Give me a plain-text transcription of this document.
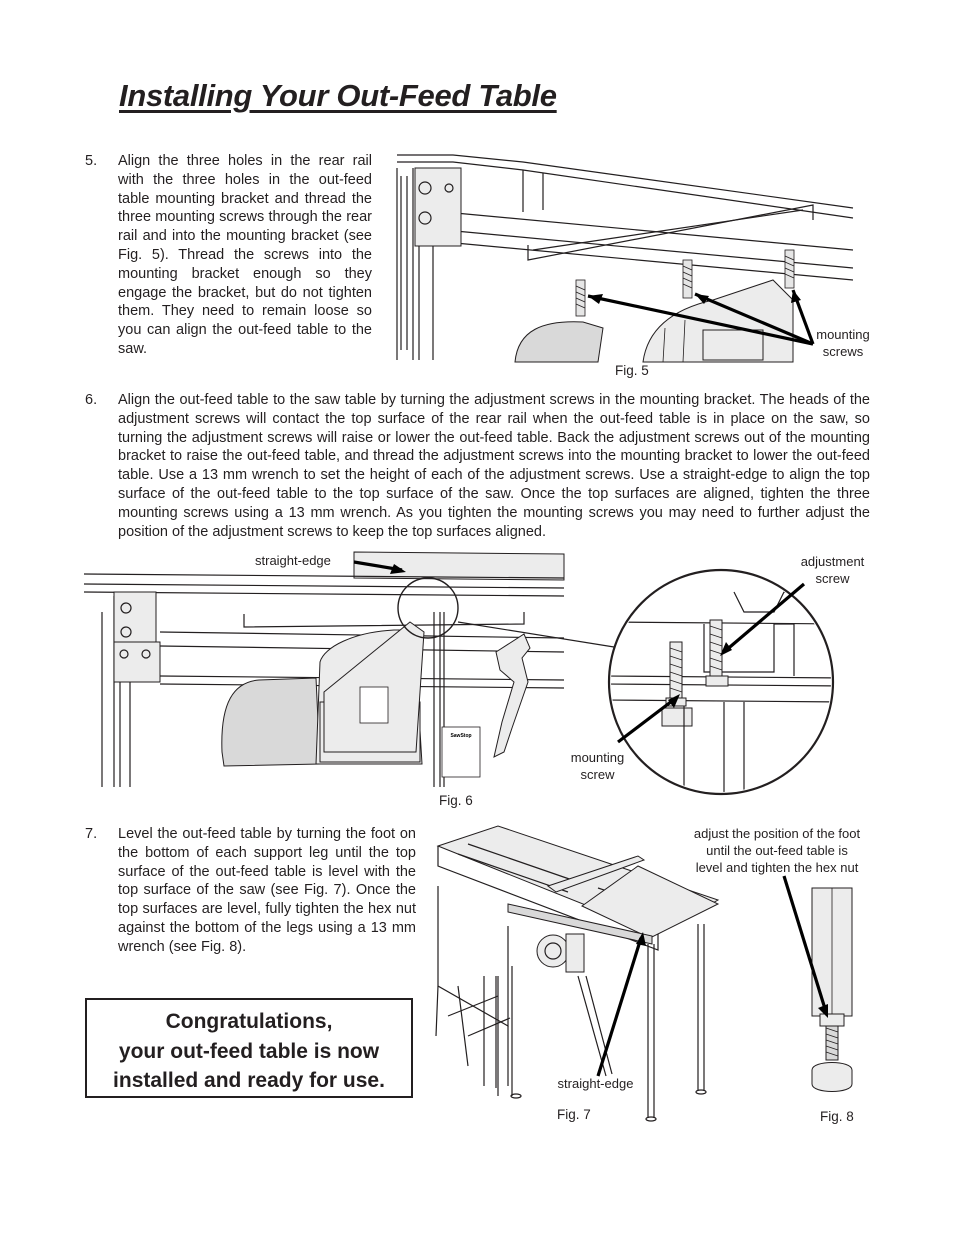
Installing Your Out-Feed Table
5. Align the three holes in the rear rail with the three holes in the out-feed table mounting bracket and thread the three mounting screws through the rear rail and into the mounting bracket (see Fig. 5). Thread the screws into the mounting bracket enough so they engage the bracket, but do not tighten them. They need to remain loose so you can align the out-feed table to the saw.
mounting
screws
Fig. 5
6. Align the out-feed table to the saw table by turning the adjustment screws in the mounting bracket. The heads of the adjustment screws will contact the top surface of the rear rail when the out-feed table is in place on the saw, so turning the adjustment screws will raise or lower the out-feed table. Back the adjustment screws out of the mounting bracket to raise the out-feed table, and thread the adjustment screws into the mounting bracket to lower the out-feed table. Use a 13 mm wrench to set the height of each of the adjustment screws. Use a straight-edge to align the top surface of the out-feed table to the top surface of the saw. Once the top surfaces are aligned, tighten the three mounting screws using a 13 mm wrench. As you tighten the mounting screws you may need to further adjust the position of the adjustment screws to keep the top surfaces aligned.
SawStop
straight-edge	adjustment
screw
mounting
screw
Fig. 6
7. Level the out-feed table by turning the foot on the bottom of each support leg until the top surface of the out-feed table is level with the top surface of the saw (see Fig. 7). Once the top surfaces are level, fully tighten the hex nut against the bottom of the legs using a 13 mm wrench (see Fig. 8).
Congratulations,
your out-feed table is now
installed and ready for use.	straight-edge
Fig. 7
adjust the position of the foot
until the out-feed table is
level and tighten the hex nut
Fig. 8
